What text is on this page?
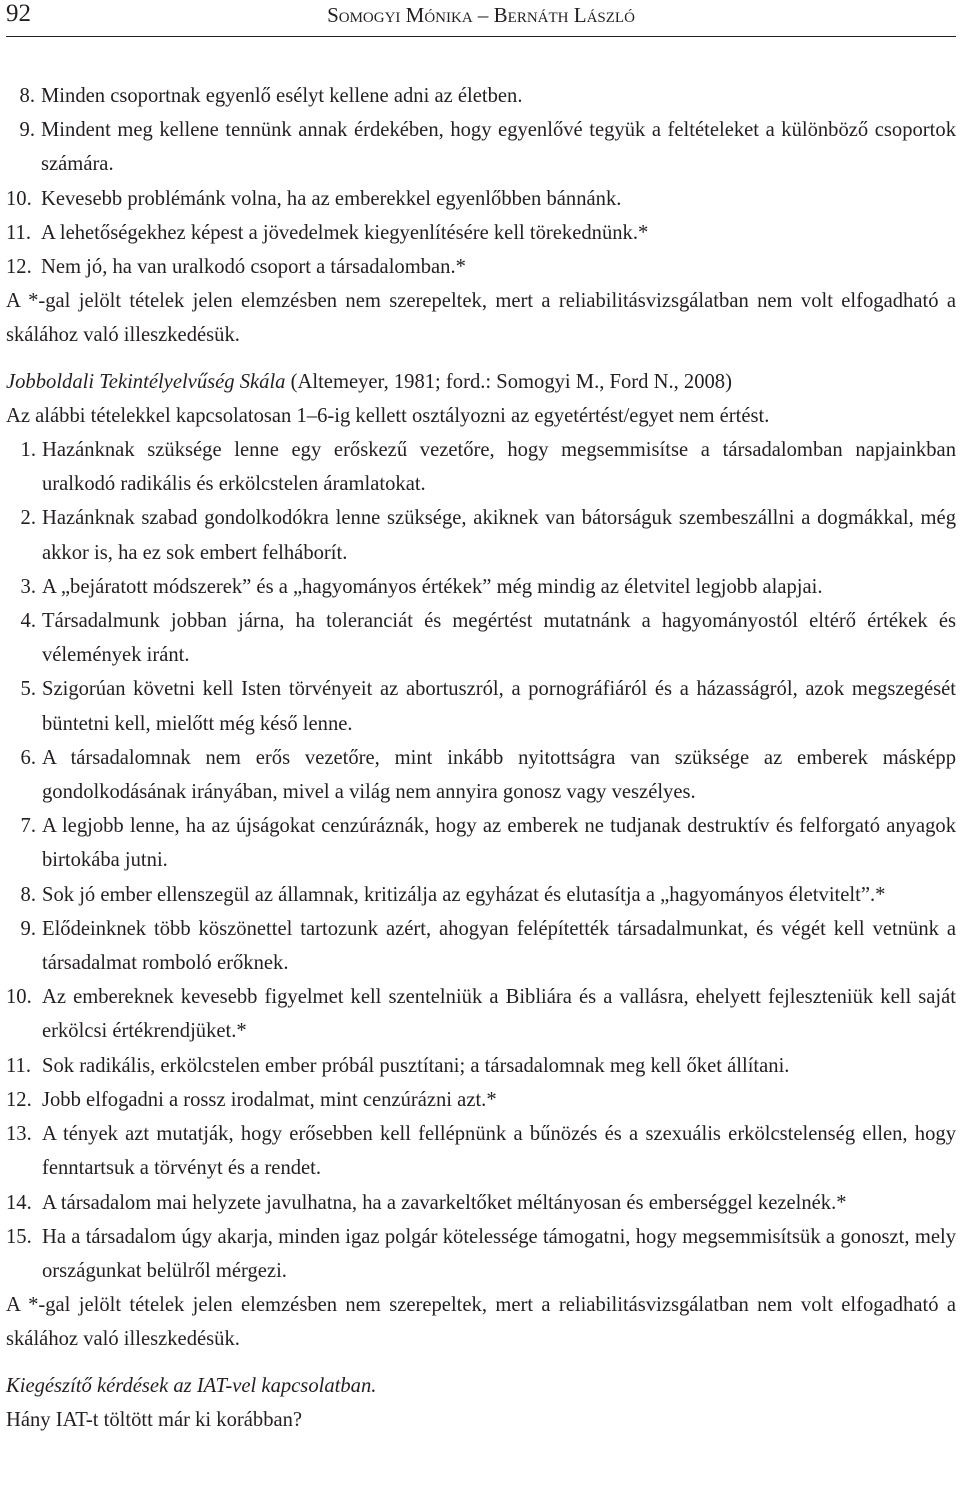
92	Somogyi Mónika – Bernáth László
8. Minden csoportnak egyenlő esélyt kellene adni az életben.
9. Mindent meg kellene tennünk annak érdekében, hogy egyenlővé tegyük a feltételeket a különböző csoportok számára.
10. Kevesebb problémánk volna, ha az emberekkel egyenlőbben bánnánk.
11. A lehetőségekhez képest a jövedelmek kiegyenlítésére kell törekednünk.*
12. Nem jó, ha van uralkodó csoport a társadalomban.*
A *-gal jelölt tételek jelen elemzésben nem szerepeltek, mert a reliabilitásvizsgálatban nem volt elfogadható a skálához való illeszkedésük.
Jobboldali Tekintélyelvűség Skála (Altemeyer, 1981; ford.: Somogyi M., Ford N., 2008)
Az alábbi tételekkel kapcsolatosan 1–6-ig kellett osztályozni az egyetértést/egyet nem értést.
1. Hazánknak szüksége lenne egy erőskezű vezetőre, hogy megsemmisítse a társadalomban napjainkban uralkodó radikális és erkölcstelen áramlatokat.
2. Hazánknak szabad gondolkodókra lenne szüksége, akiknek van bátorságuk szembeszállni a dogmákkal, még akkor is, ha ez sok embert felháborít.
3. A „bejáratott módszerek” és a „hagyományos értékek” még mindig az életvitel legjobb alapjai.
4. Társadalmunk jobban járna, ha toleranciát és megértést mutatnánk a hagyományostól eltérő értékek és vélemények iránt.
5. Szigorúan követni kell Isten törvényeit az abortuszról, a pornográfiáról és a házasságról, azok megszegését büntetni kell, mielőtt még késő lenne.
6. A társadalomnak nem erős vezetőre, mint inkább nyitottságra van szüksége az emberek másképp gondolkodásának irányában, mivel a világ nem annyira gonosz vagy veszélyes.
7. A legjobb lenne, ha az újságokat cenzúráznák, hogy az emberek ne tudjanak destruktív és felforgató anyagok birtokába jutni.
8. Sok jó ember ellenszegül az államnak, kritizálja az egyházat és elutasítja a „hagyományos életvitelt”.*
9. Elődeinknek több köszönettel tartozunk azért, ahogyan felépítették társadalmunkat, és végét kell vetnünk a társadalmat romboló erőknek.
10. Az embereknek kevesebb figyelmet kell szentelniük a Bibliára és a vallásra, ehelyett fejleszteniük kell saját erkölcsi értékrendjüket.*
11. Sok radikális, erkölcstelen ember próbál pusztítani; a társadalomnak meg kell őket állítani.
12. Jobb elfogadni a rossz irodalmat, mint cenzúrázni azt.*
13. A tények azt mutatják, hogy erősebben kell fellépnünk a bűnözés és a szexuális erkölcstelenség ellen, hogy fenntartsuk a törvényt és a rendet.
14. A társadalom mai helyzete javulhatna, ha a zavarkeltőket méltányosan és emberséggel kezelnék.*
15. Ha a társadalom úgy akarja, minden igaz polgár kötelessége támogatni, hogy megsemmisítsük a gonoszt, mely országunkat belülről mérgezi.
A *-gal jelölt tételek jelen elemzésben nem szerepeltek, mert a reliabilitásvizsgálatban nem volt elfogadható a skálához való illeszkedésük.
Kiegészítő kérdések az IAT-vel kapcsolatban.
Hány IAT-t töltött már ki korábban?
